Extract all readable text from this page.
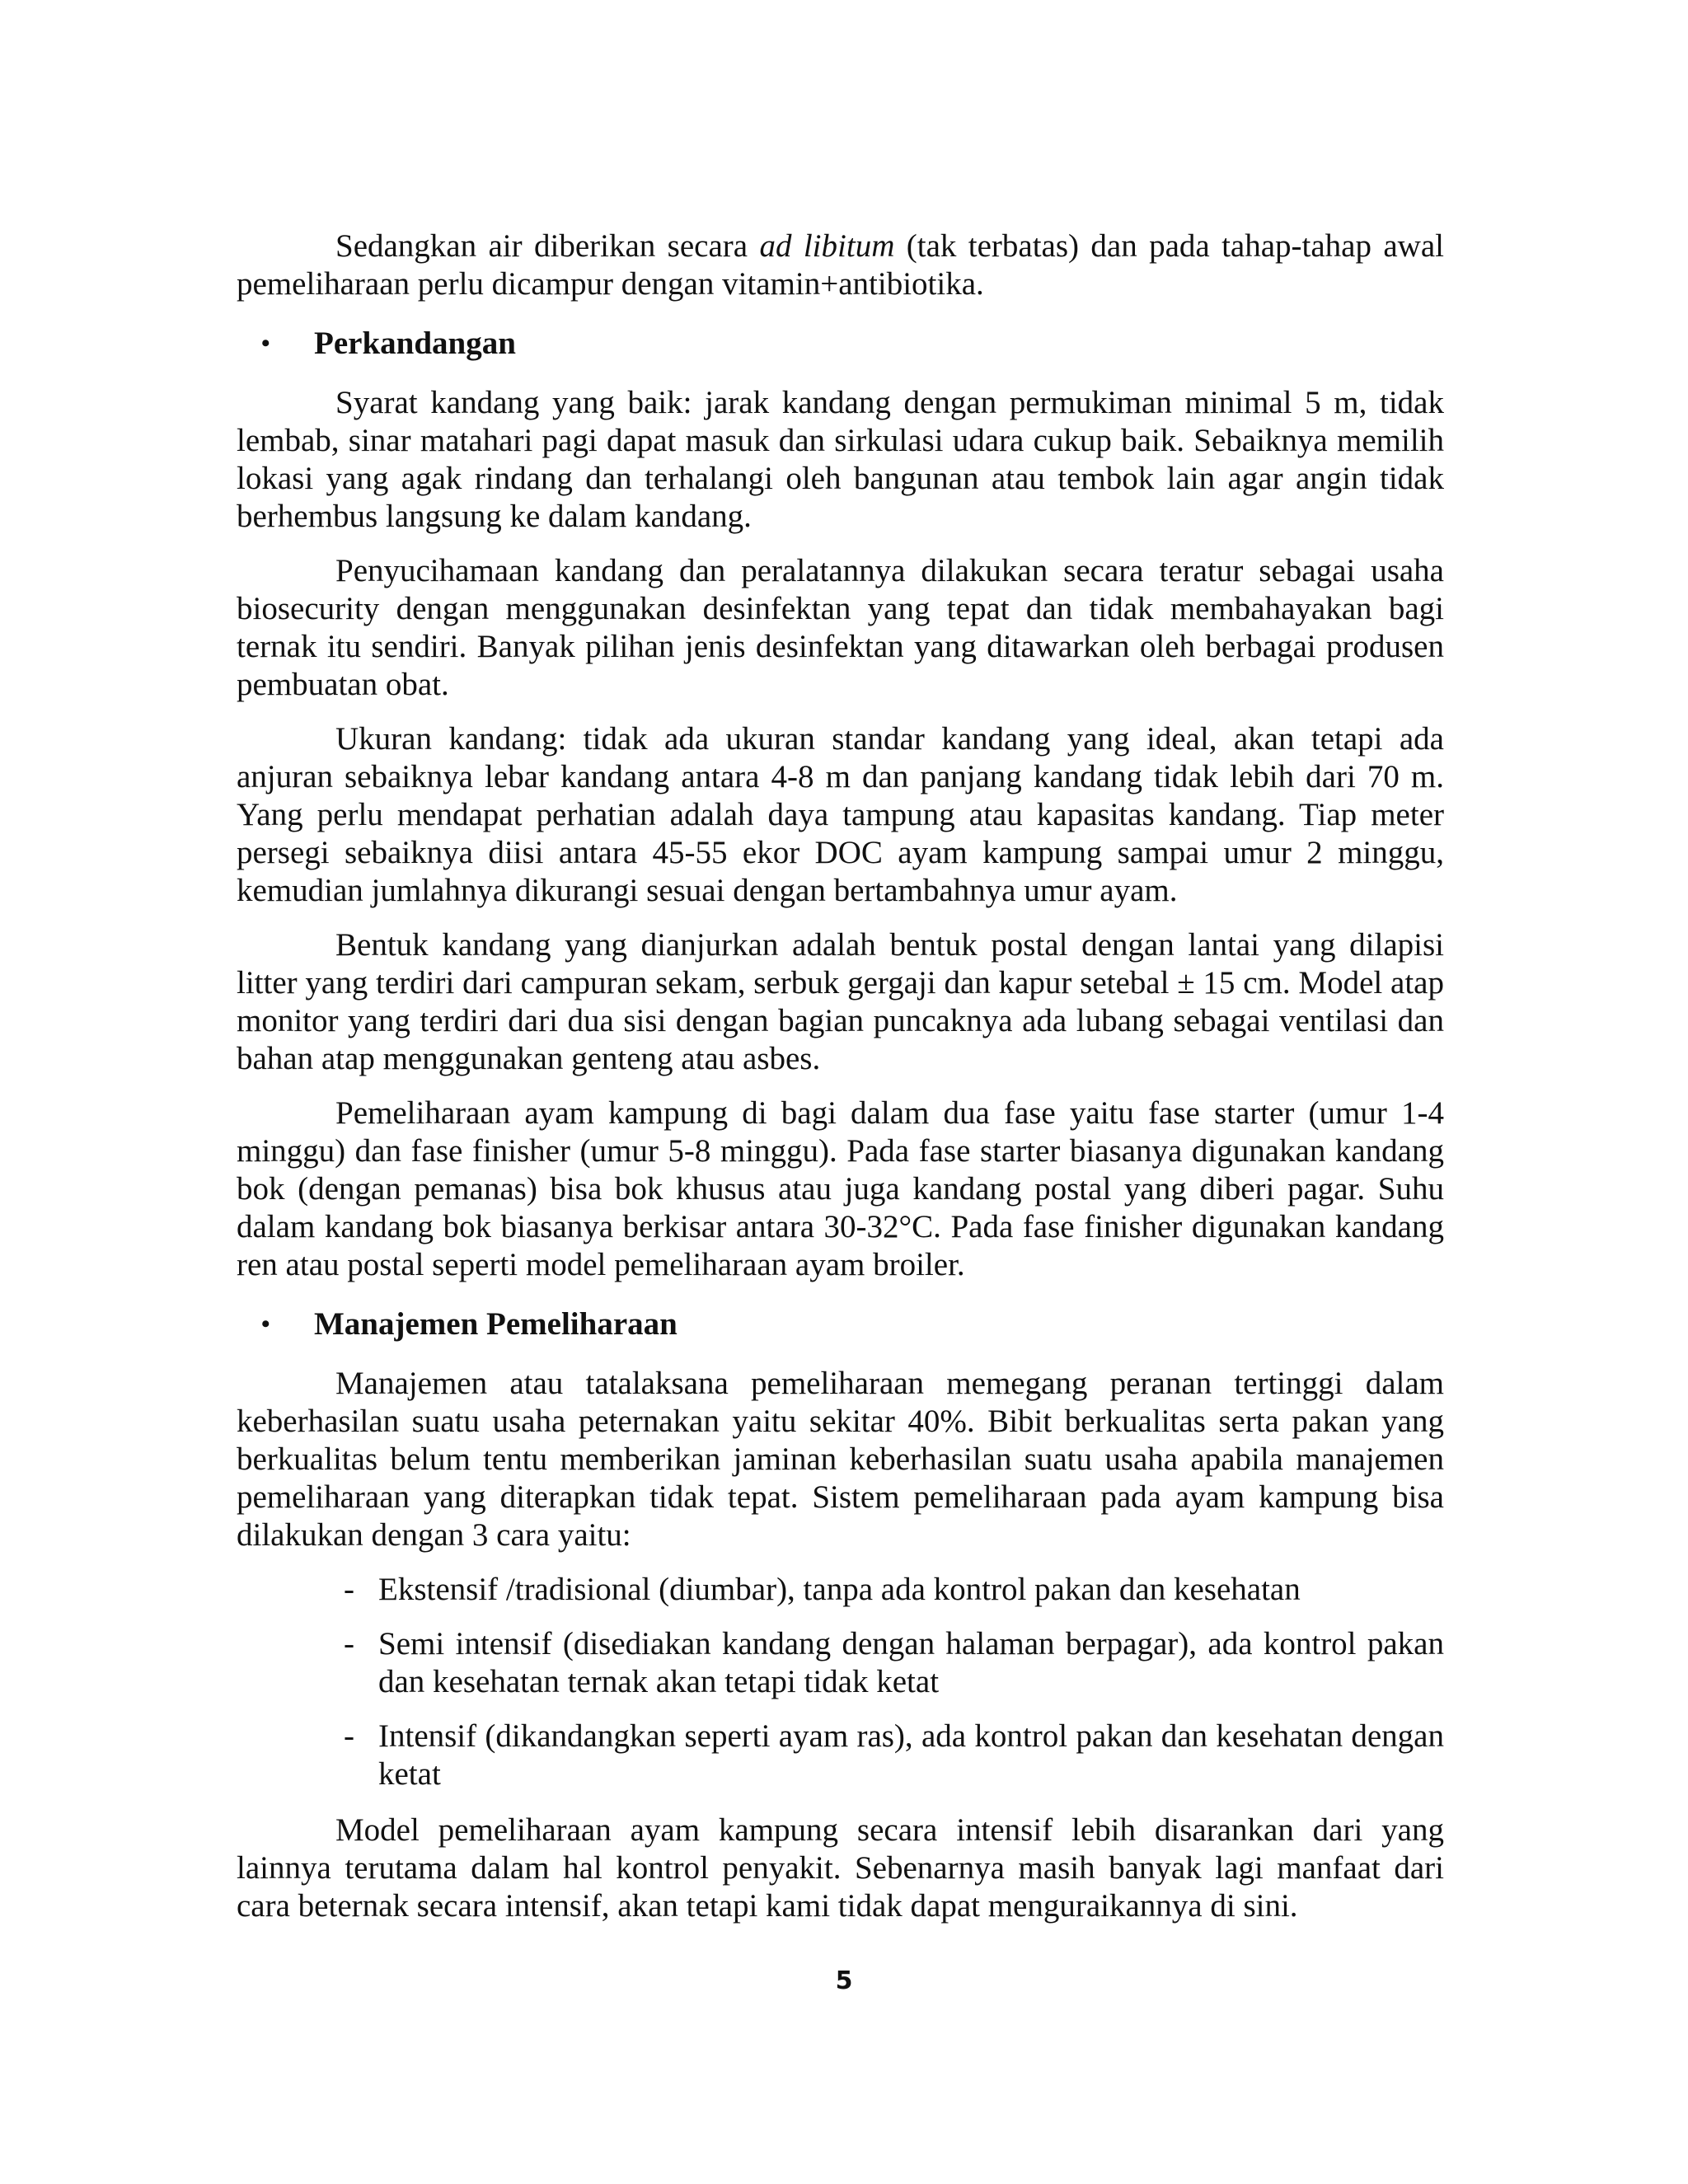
Sedangkan air diberikan secara ad libitum (tak terbatas) dan pada tahap-tahap awal pemeliharaan perlu dicampur dengan vitamin+antibiotika.

•	Perkandangan

Syarat kandang yang baik: jarak kandang dengan permukiman minimal 5 m, tidak lembab, sinar matahari pagi dapat masuk dan sirkulasi udara cukup baik. Sebaiknya memilih lokasi yang agak rindang dan terhalangi oleh bangunan atau tembok lain agar angin tidak berhembus langsung ke dalam kandang.

Penyucihamaan kandang dan peralatannya dilakukan secara teratur sebagai usaha biosecurity dengan menggunakan desinfektan yang tepat dan tidak membahayakan bagi ternak itu sendiri. Banyak pilihan jenis desinfektan yang ditawarkan oleh berbagai produsen pembuatan obat.

Ukuran kandang: tidak ada ukuran standar kandang yang ideal, akan tetapi ada anjuran sebaiknya lebar kandang antara 4-8 m dan panjang kandang tidak lebih dari 70 m. Yang perlu mendapat perhatian adalah daya tampung atau kapasitas kandang. Tiap meter persegi sebaiknya diisi antara 45-55 ekor DOC ayam kampung sampai umur 2 minggu, kemudian jumlahnya dikurangi sesuai dengan bertambahnya umur ayam.

Bentuk kandang yang dianjurkan adalah bentuk postal dengan lantai yang dilapisi litter yang terdiri dari campuran sekam, serbuk gergaji dan kapur setebal ± 15 cm. Model atap monitor yang terdiri dari dua sisi dengan bagian puncaknya ada lubang sebagai ventilasi dan bahan atap menggunakan genteng atau asbes.

Pemeliharaan ayam kampung di bagi dalam dua fase yaitu fase starter (umur 1-4 minggu) dan fase finisher (umur 5-8 minggu). Pada fase starter biasanya digunakan kandang bok (dengan pemanas) bisa bok khusus atau juga kandang postal yang diberi pagar. Suhu dalam kandang bok biasanya berkisar antara 30-32°C. Pada fase finisher digunakan kandang ren atau postal seperti model pemeliharaan ayam broiler.

•	Manajemen Pemeliharaan

Manajemen atau tatalaksana pemeliharaan memegang peranan tertinggi dalam keberhasilan suatu usaha peternakan yaitu sekitar 40%. Bibit berkualitas serta pakan yang berkualitas belum tentu memberikan jaminan keberhasilan suatu usaha apabila manajemen pemeliharaan yang diterapkan tidak tepat. Sistem pemeliharaan pada ayam kampung bisa dilakukan dengan 3 cara yaitu:

- Ekstensif /tradisional (diumbar), tanpa ada kontrol pakan dan kesehatan
- Semi intensif (disediakan kandang dengan halaman berpagar), ada kontrol pakan dan kesehatan ternak akan tetapi tidak ketat
- Intensif (dikandangkan seperti ayam ras), ada kontrol pakan dan kesehatan dengan ketat

Model pemeliharaan ayam kampung secara intensif lebih disarankan dari yang lainnya terutama dalam hal kontrol penyakit. Sebenarnya masih banyak lagi manfaat dari cara beternak secara intensif, akan tetapi kami tidak dapat menguraikannya di sini.

5
